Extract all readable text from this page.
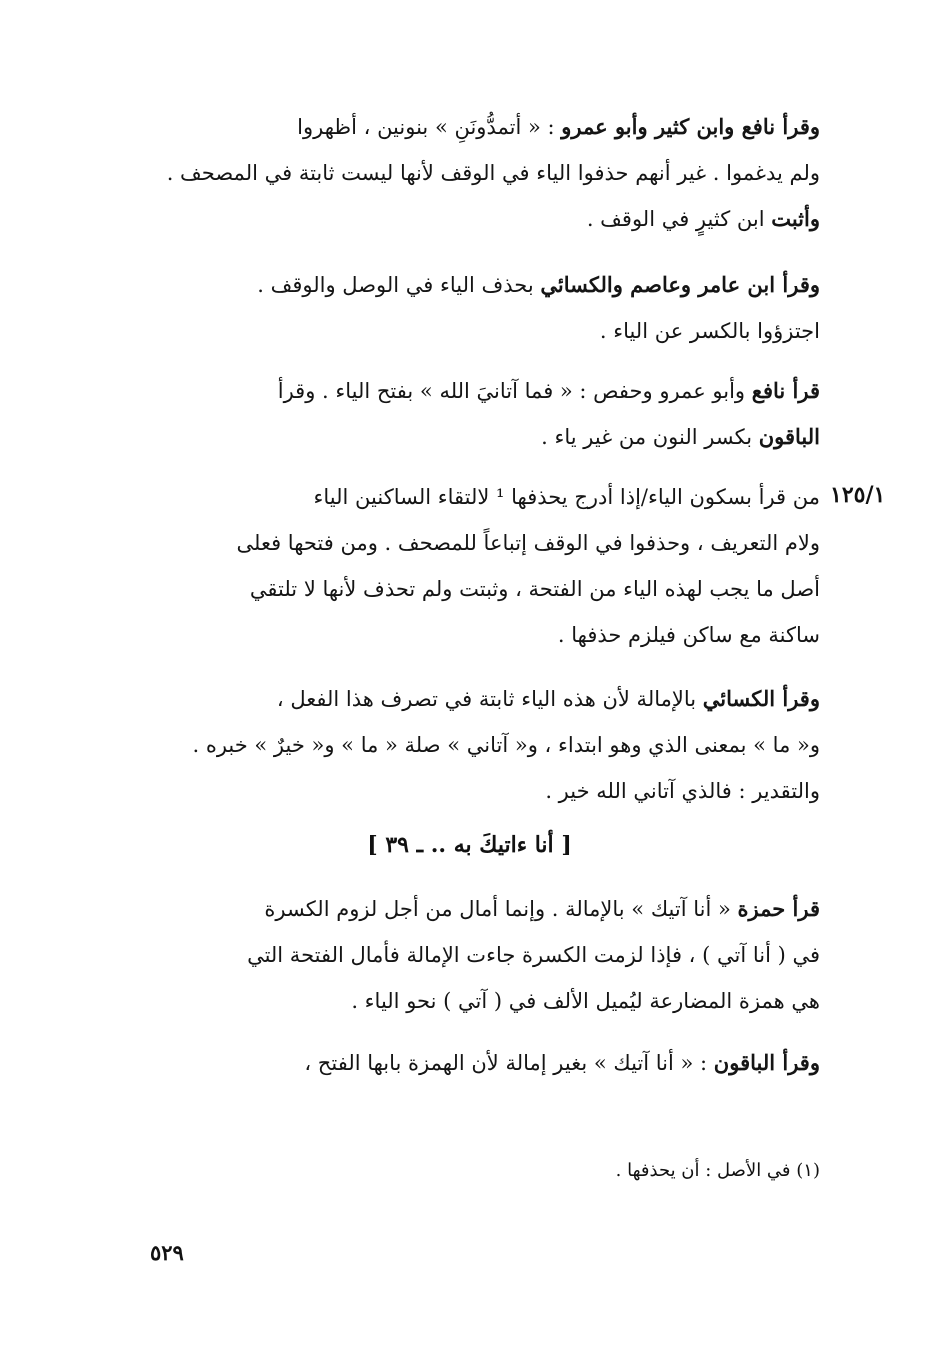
وقرأ نافع وابن كثير وأبو عمرو : « أتمدُّونَنِ » بنونين ، أظهروا
ولم يدغموا . غير أنهم حذفوا الياء في الوقف لأنها ليست ثابتة في المصحف .
وأثبت ابن كثيرٍ في الوقف .
وقرأ ابن عامر وعاصم والكسائي بحذف الياء في الوصل والوقف .
اجتزؤوا بالكسر عن الياء .
قرأ نافع وأبو عمرو وحفص : « فما آتانيَ الله » بفتح الياء . وقرأ
الباقون بكسر النون من غير ياء .
١٢٥/١
من قرأ بسكون الياء/إذا أدرج يحذفها ¹ لالتقاء الساكنين الياء
ولام التعريف ، وحذفوا في الوقف إتباعاً للمصحف . ومن فتحها فعلى
أصل ما يجب لهذه الياء من الفتحة ، وثبتت ولم تحذف لأنها لا تلتقي
ساكنة مع ساكن فيلزم حذفها .
وقرأ الكسائي بالإمالة لأن هذه الياء ثابتة في تصرف هذا الفعل ،
و« ما » بمعنى الذي وهو ابتداء ، و« آتاني » صلة « ما » و« خيرٌ » خبره .
والتقدير : فالذي آتاني الله خير .
[ أنا ءاتيكَ به .. ـ ٣٩ ]
قرأ حمزة « أنا آتيك » بالإمالة . وإنما أمال من أجل لزوم الكسرة
في ( أنا آتي ) ، فإذا لزمت الكسرة جاءت الإمالة فأمال الفتحة التي
هي همزة المضارعة ليُميل الألف في ( آتي ) نحو الياء .
وقرأ الباقون : « أنا آتيك » بغير إمالة لأن الهمزة بابها الفتح ،
(١) في الأصل : أن يحذفها .
٥٢٩
